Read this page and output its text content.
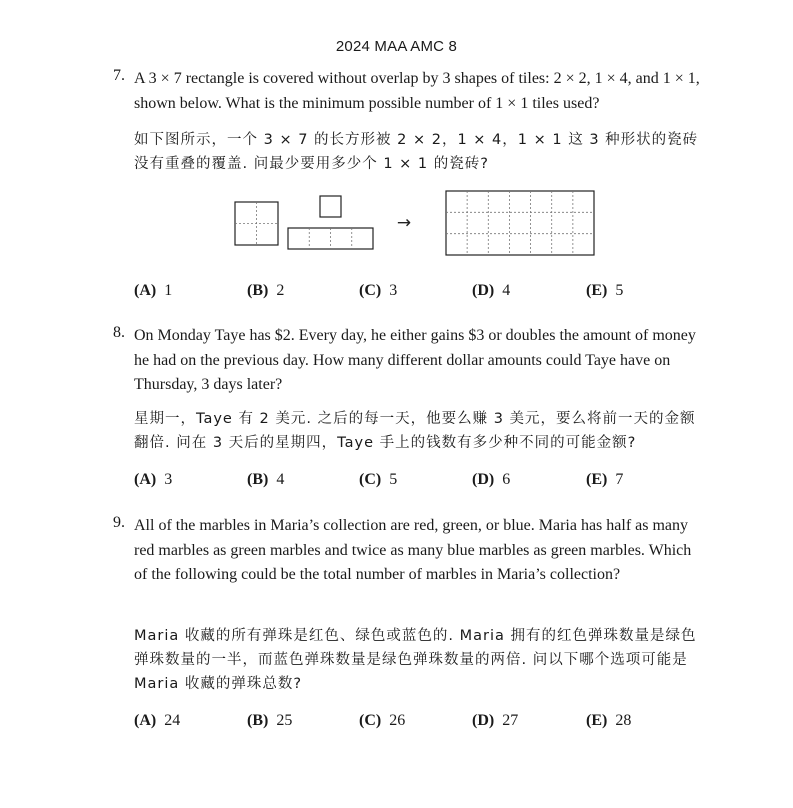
2024 MAA AMC 8
7. A 3 × 7 rectangle is covered without overlap by 3 shapes of tiles: 2 × 2, 1 × 4, and 1 × 1, shown below. What is the minimum possible number of 1 × 1 tiles used?
如下图所示，一个 3 × 7 的长方形被 2 × 2，1 × 4，1 × 1 这 3 种形状的瓷砖没有重叠的覆盖. 问最少要用多少个 1 × 1 的瓷砖?
→
(A) 1	(B) 2	(C) 3	(D) 4	(E) 5
8. On Monday Taye has $2. Every day, he either gains $3 or doubles the amount of money he had on the previous day. How many different dollar amounts could Taye have on Thursday, 3 days later?
星期一，Taye 有 2 美元. 之后的每一天，他要么赚 3 美元，要么将前一天的金额翻倍. 问在 3 天后的星期四，Taye 手上的钱数有多少种不同的可能金额?
(A) 3	(B) 4	(C) 5	(D) 6	(E) 7
9. All of the marbles in Maria’s collection are red, green, or blue. Maria has half as many red marbles as green marbles and twice as many blue marbles as green marbles. Which of the following could be the total number of marbles in Maria’s collection?
Maria 收藏的所有弹珠是红色、绿色或蓝色的. Maria 拥有的红色弹珠数量是绿色弹珠数量的一半，而蓝色弹珠数量是绿色弹珠数量的两倍. 问以下哪个选项可能是 Maria 收藏的弹珠总数?
(A) 24	(B) 25	(C) 26	(D) 27	(E) 28
